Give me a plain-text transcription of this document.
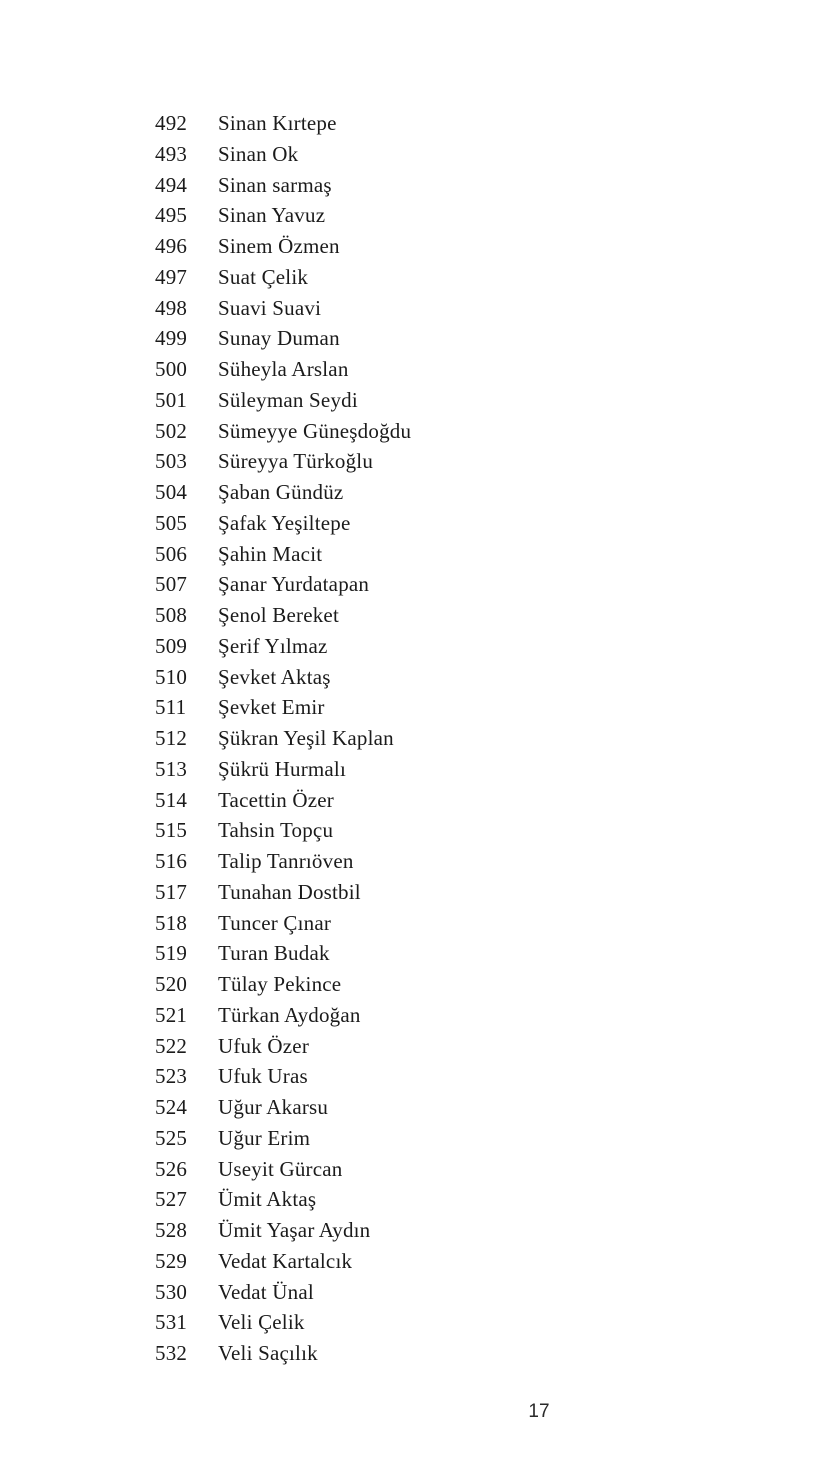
492	Sinan Kırtepe
493	Sinan Ok
494	Sinan sarmaş
495	Sinan Yavuz
496	Sinem Özmen
497	Suat Çelik
498	Suavi Suavi
499	Sunay Duman
500	Süheyla Arslan
501	Süleyman Seydi
502	Sümeyye Güneşdoğdu
503	Süreyya Türkoğlu
504	Şaban Gündüz
505	Şafak Yeşiltepe
506	Şahin Macit
507	Şanar Yurdatapan
508	Şenol Bereket
509	Şerif Yılmaz
510	Şevket Aktaş
511	Şevket Emir
512	Şükran Yeşil Kaplan
513	Şükrü Hurmalı
514	Tacettin Özer
515	Tahsin Topçu
516	Talip Tanrıöven
517	Tunahan Dostbil
518	Tuncer Çınar
519	Turan Budak
520	Tülay Pekince
521	Türkan Aydoğan
522	Ufuk Özer
523	Ufuk Uras
524	Uğur Akarsu
525	Uğur Erim
526	Useyit Gürcan
527	Ümit Aktaş
528	Ümit Yaşar Aydın
529	Vedat Kartalcık
530	Vedat Ünal
531	Veli Çelik
532	Veli Saçılık
17
